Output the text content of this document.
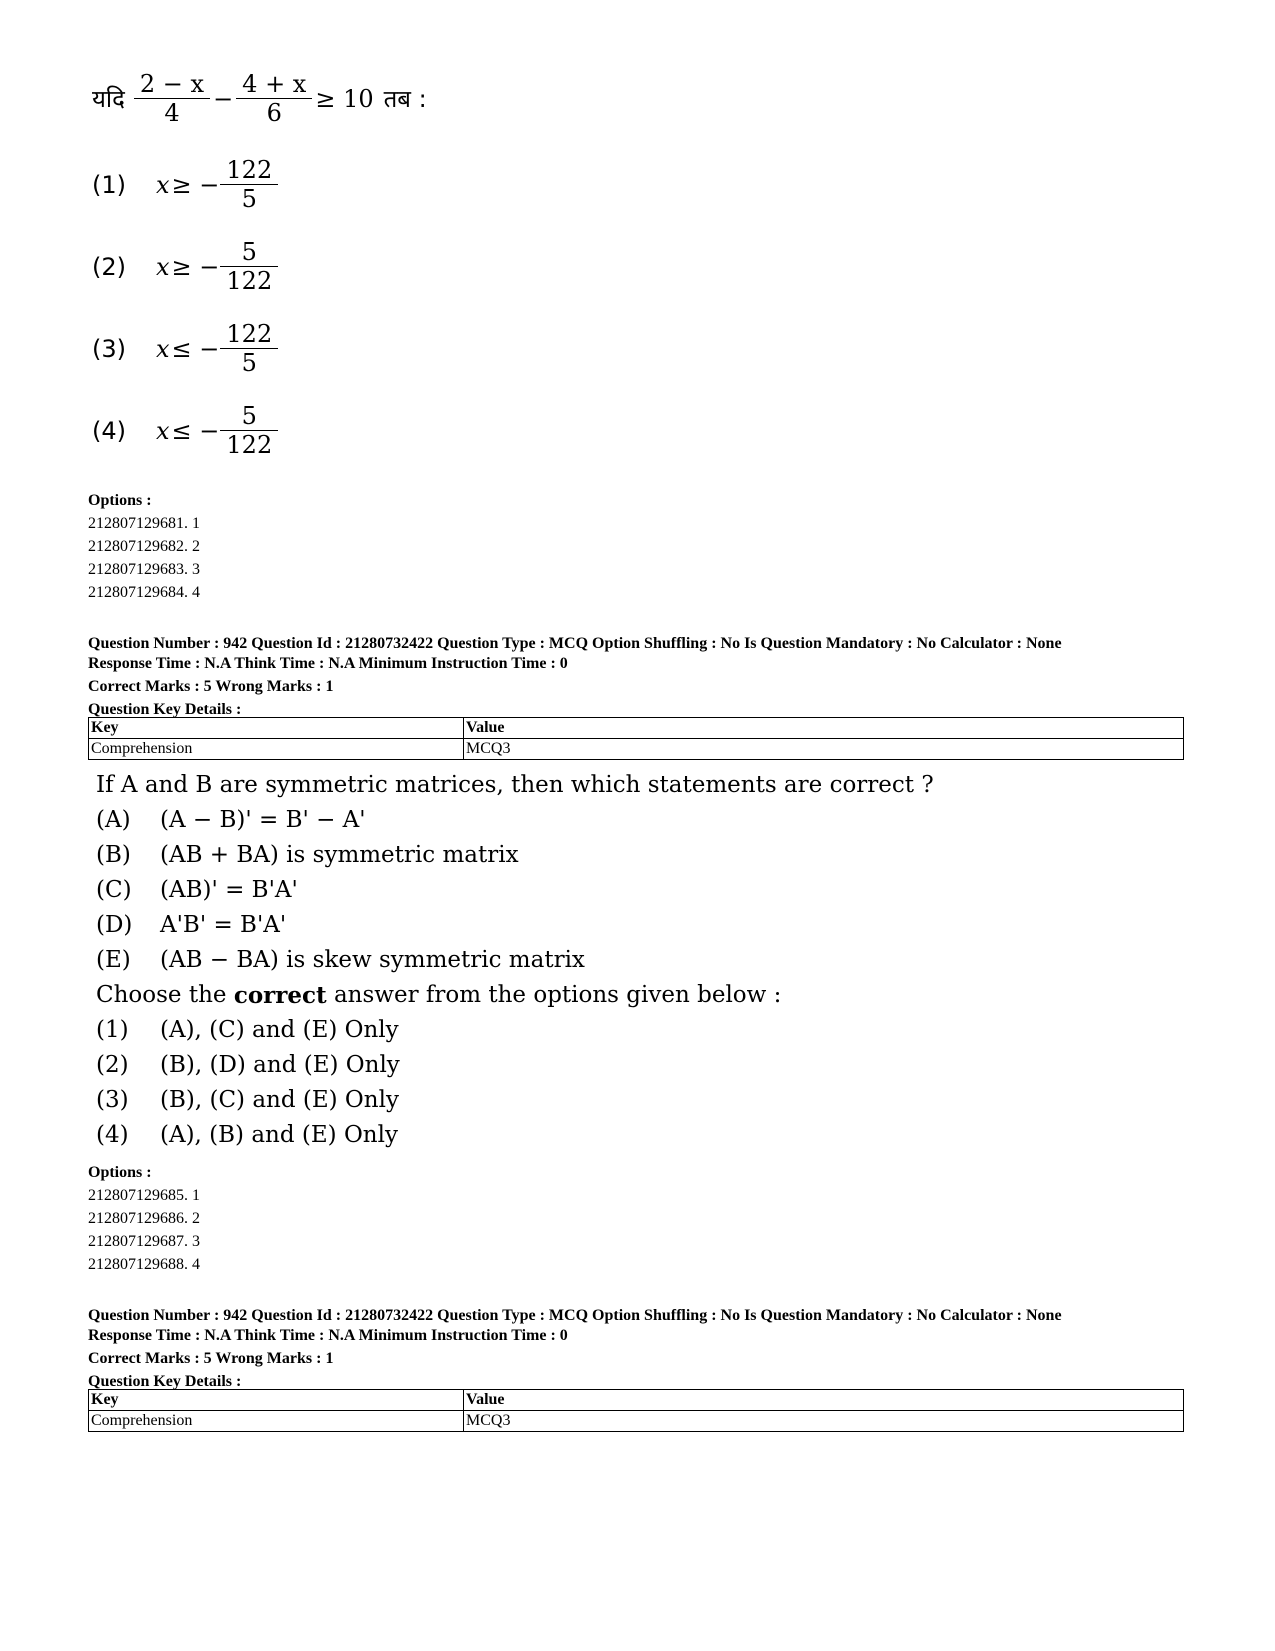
यदि $\frac{2 - x}{4} - \frac{4 + x}{6} \ge 10$ तब :
(1)	x ≥ − $\frac{122}{5}$
(2)	x ≥ − $\frac{5}{122}$
(3)	x ≤ − $\frac{122}{5}$
(4)	x ≤ − $\frac{5}{122}$
Options :
212807129681. 1
212807129682. 2
212807129683. 3
212807129684. 4
Question Number : 942 Question Id : 21280732422 Question Type : MCQ Option Shuffling : No Is Question Mandatory : No Calculator : None
Response Time : N.A Think Time : N.A Minimum Instruction Time : 0
Correct Marks : 5 Wrong Marks : 1
Question Key Details :
Key	Value
Comprehension	MCQ3
If A and B are symmetric matrices, then which statements are correct ?
(A)	(A − B)' = B' − A'
(B)	(AB + BA) is symmetric matrix
(C)	(AB)' = B'A'
(D)	A'B' = B'A'
(E)	(AB − BA) is skew symmetric matrix
Choose the correct answer from the options given below :
(1)	(A), (C) and (E) Only
(2)	(B), (D) and (E) Only
(3)	(B), (C) and (E) Only
(4)	(A), (B) and (E) Only
Options :
212807129685. 1
212807129686. 2
212807129687. 3
212807129688. 4
Question Number : 942 Question Id : 21280732422 Question Type : MCQ Option Shuffling : No Is Question Mandatory : No Calculator : None
Response Time : N.A Think Time : N.A Minimum Instruction Time : 0
Correct Marks : 5 Wrong Marks : 1
Question Key Details :
Key	Value
Comprehension	MCQ3
